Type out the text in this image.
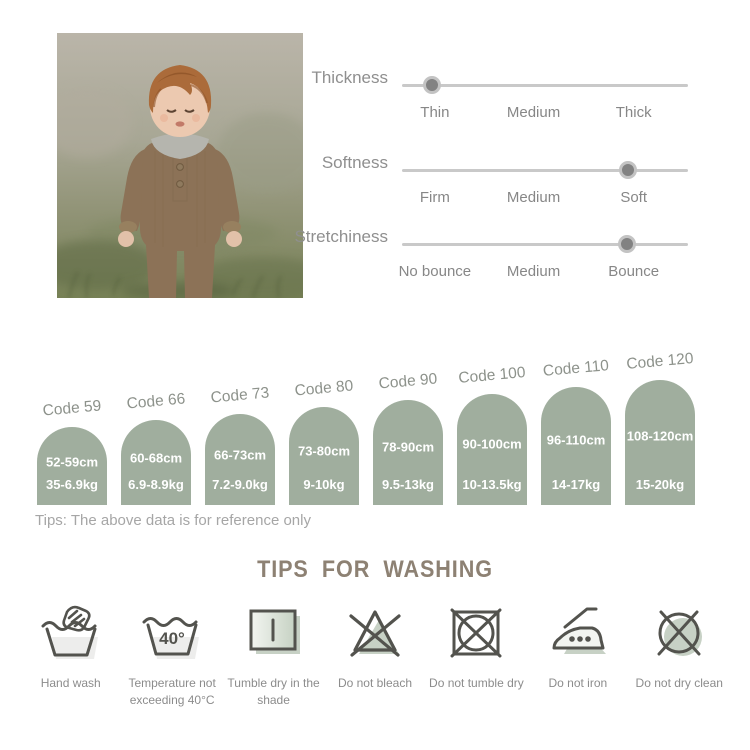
Thickness
Thin	Medium	Thick
Softness
Firm	Medium	Soft
Stretchiness
No bounce Medium	Bounce
Code 59
52-59cm
35-6.9kg
Code 66
60-68cm
6.9-8.9kg
Code 73
66-73cm
7.2-9.0kg
Code 80
73-80cm
9-10kg
Code 90
78-90cm
9.5-13kg
Code 100
90-100cm
10-13.5kg
Code 110
96-110cm
14-17kg
Code 120
108-120cm
15-20kg
Tips: The above data is for reference only
TIPS FOR WASHING
Hand wash
40°
Temperature not exceeding 40°C
Tumble dry in the shade
Do not bleach Do not tumble dry Do not iron Do not dry clean
